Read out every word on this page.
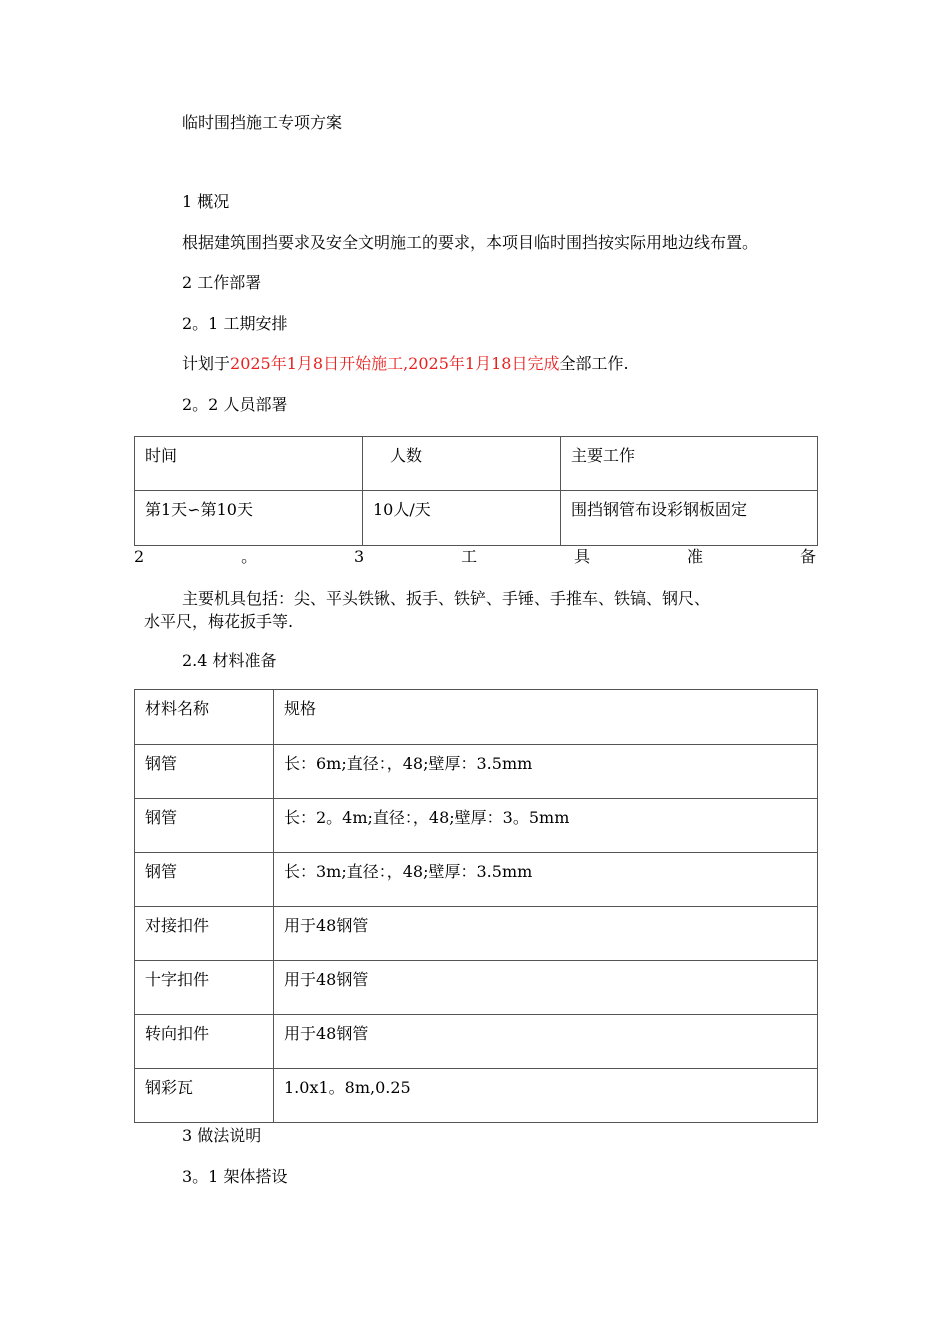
临时围挡施工专项方案
1 概况
根据建筑围挡要求及安全文明施工的要求，本项目临时围挡按实际用地边线布置。
2 工作部署
2。1 工期安排
计划于2025年1月8日开始施工,2025年1月18日完成全部工作.
2。2 人员部署
时间	人数	主要工作
第1天∽第10天	10人/天	围挡钢管布设彩钢板固定
2	。	3	工	具	准	备
主要机具包括：尖、平头铁锹、扳手、铁铲、手锤、手推车、铁镐、钢尺、
水平尺，梅花扳手等.
2.4 材料准备
材料名称	规格
钢管	长：6m;直径：，48;壁厚：3.5mm
钢管	长：2。4m;直径：，48;壁厚：3。5mm
钢管	长：3m;直径：，48;壁厚：3.5mm
对接扣件	用于48钢管
十字扣件	用于48钢管
转向扣件	用于48钢管
钢彩瓦	1.0x1。8m,0.25
3 做法说明
3。1 架体搭设
